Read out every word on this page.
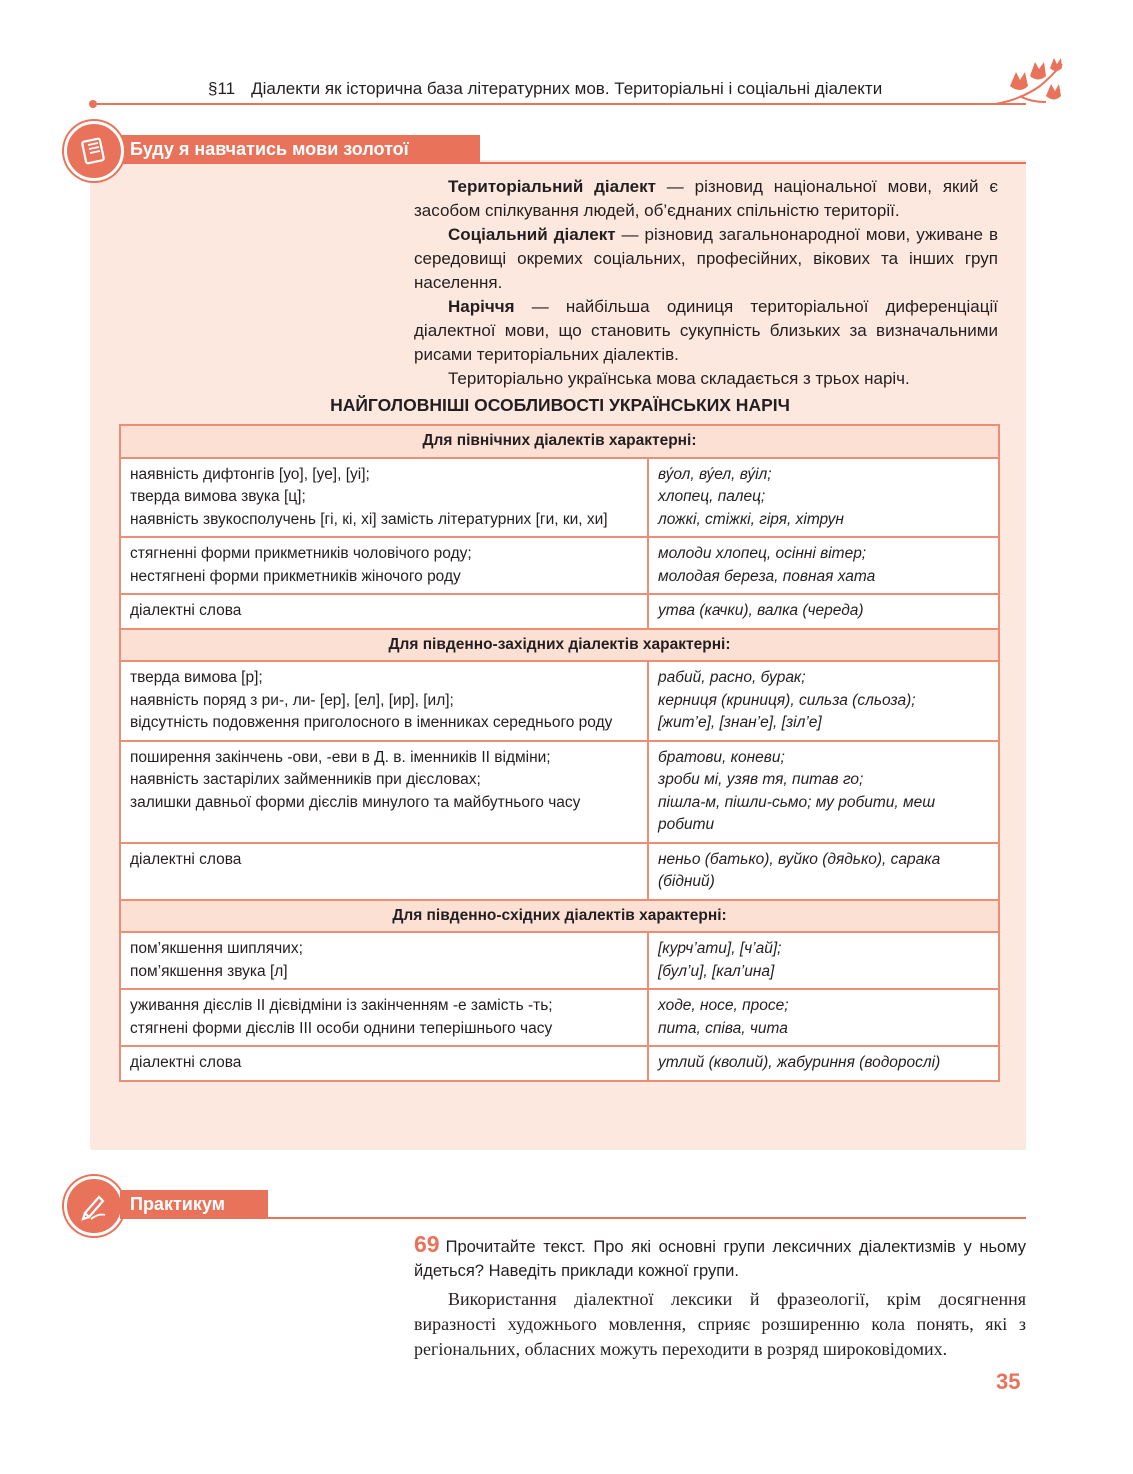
§11 Діалекти як історична база літературних мов. Територіальні і соціальні діалекти
Буду я навчатись мови золотої

Територіальний діалект — різновид національної мови, який є засобом спілкування людей, об’єднаних спільністю території.

Соціальний діалект — різновид загальнонародної мови, уживане в середовищі окремих соціальних, професійних, вікових та інших груп населення.

Наріччя — найбільша одиниця територіальної диференціації діалектної мови, що становить сукупність близьких за визначальними рисами територіальних діалектів.

Територіально українська мова складається з трьох наріч.

НАЙГОЛОВНІШІ ОСОБЛИВОСТІ УКРАЇНСЬКИХ НАРІЧ
Для північних діалектів характерні:	

наявність дифтонгів [уо], [уе], [уі];
тверда вимова звука [ц];
наявність звукосполучень [гі, кі, хі] замість літературних [ги, ки, хи]	ву́ол, ву́ел, ву́іл;
хлопец, палец;
ложкі, стіжкі, гіря, хітрун

стягненні форми прикметників чоловічого роду;
нестягнені форми прикметників жіночого роду	молоди хлопец, осінні вітер;
молодая береза, повная хата

діалектні слова	утва (качки), валка (череда)

Для південно-західних діалектів характерні:	

тверда вимова [р];
наявність поряд з ри-, ли- [ер], [ел], [ир], [ил];
відсутність подовження приголосного в іменниках середнього роду	рабий, расно, бурак;
керниця (криниця), сильза (сльоза);
[жит’е], [знан’е], [зіл’е]

поширення закінчень -ови, -еви в Д. в. іменників ІІ відміни;
наявність застарілих займенників при дієсловах;
залишки давньої форми дієслів минулого та майбутнього часу	братови, коневи;
зроби мі, узяв тя, питав го;
пішла-м, пішли-сьмо; му робити, меш робити

діалектні слова	неньо (батько), вуйко (дядько), сарака (бідний)

Для південно-східних діалектів характерні:	

пом’якшення шиплячих;
пом’якшення звука [л]	[курч’ати], [ч’ай];
[бул’и], [кал’ина]

уживання дієслів ІІ дієвідміни із закінченням -е замість -ть;
стягнені форми дієслів ІІІ особи однини теперішнього часу	ходе, носе, просе;
пита, співа, чита

діалектні слова	утлий (кволий), жабуриння (водорослі)
Практикум
69 Прочитайте текст. Про які основні групи лексичних діалектизмів у ньому йдеться? Наведіть приклади кожної групи.

Використання діалектної лексики й фразеології, крім досягнення виразності художнього мовлення, сприяє розширенню кола понять, які з регіональних, обласних можуть переходити в розряд широковідомих.

35
